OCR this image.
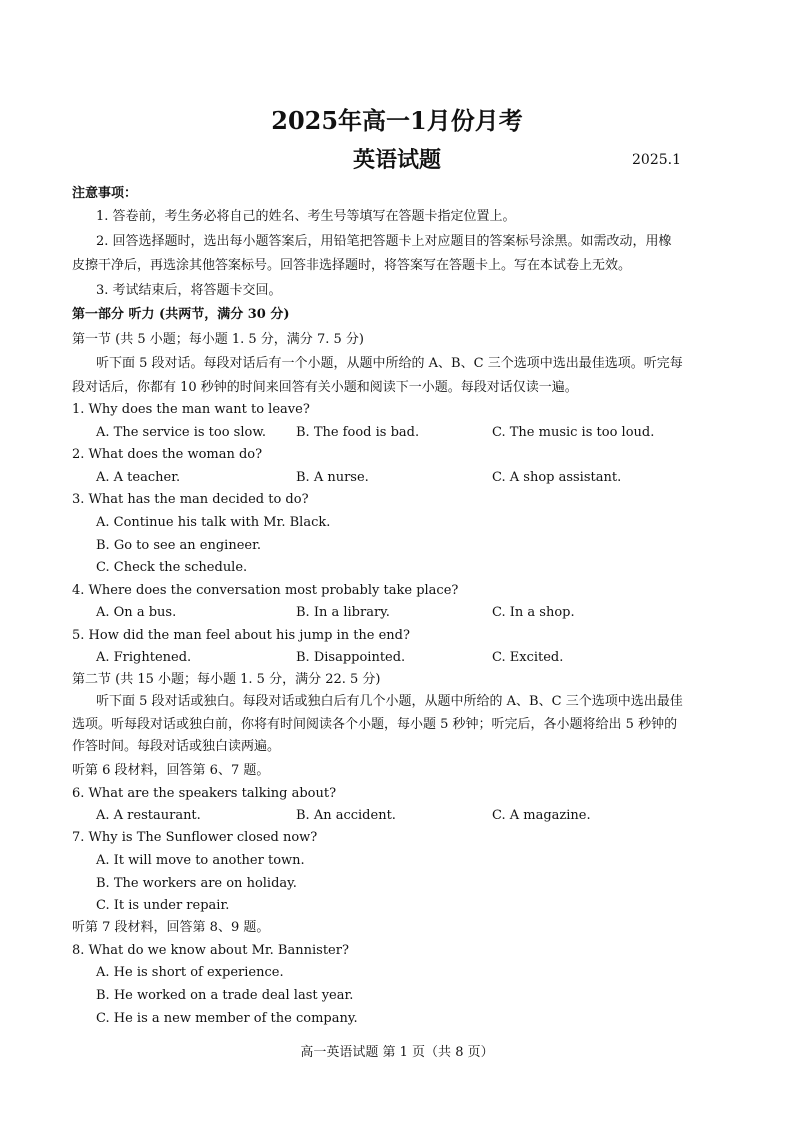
2025年高一1月份月考
英语试题	2025.1
注意事项：
1. 答卷前，考生务必将自己的姓名、考生号等填写在答题卡指定位置上。
2. 回答选择题时，选出每小题答案后，用铅笔把答题卡上对应题目的答案标号涂黑。如需改动，用橡
皮擦干净后，再选涂其他答案标号。回答非选择题时，将答案写在答题卡上。写在本试卷上无效。
3. 考试结束后，将答题卡交回。
第一部分 听力 (共两节，满分 30 分)
第一节 (共 5 小题；每小题 1. 5 分，满分 7. 5 分)
听下面 5 段对话。每段对话后有一个小题，从题中所给的 A、B、C 三个选项中选出最佳选项。听完每
段对话后，你都有 10 秒钟的时间来回答有关小题和阅读下一小题。每段对话仅读一遍。
1. Why does the man want to leave?
A. The service is too slow. B. The food is bad.	C. The music is too loud.
2. What does the woman do?
A. A teacher.	B. A nurse.	C. A shop assistant.
3. What has the man decided to do?
A. Continue his talk with Mr. Black.
B. Go to see an engineer.
C. Check the schedule.
4. Where does the conversation most probably take place?
A. On a bus.	B. In a library.	C. In a shop.
5. How did the man feel about his jump in the end?
A. Frightened.	B. Disappointed.	C. Excited.
第二节 (共 15 小题；每小题 1. 5 分，满分 22. 5 分)
听下面 5 段对话或独白。每段对话或独白后有几个小题，从题中所给的 A、B、C 三个选项中选出最佳
选项。听每段对话或独白前，你将有时间阅读各个小题，每小题 5 秒钟；听完后，各小题将给出 5 秒钟的
作答时间。每段对话或独白读两遍。
听第 6 段材料，回答第 6、7 题。
6. What are the speakers talking about?
A. A restaurant.	B. An accident.	C. A magazine.
7. Why is The Sunflower closed now?
A. It will move to another town.
B. The workers are on holiday.
C. It is under repair.
听第 7 段材料，回答第 8、9 题。
8. What do we know about Mr. Bannister?
A. He is short of experience.
B. He worked on a trade deal last year.
C. He is a new member of the company.
高一英语试题 第 1 页（共 8 页）
